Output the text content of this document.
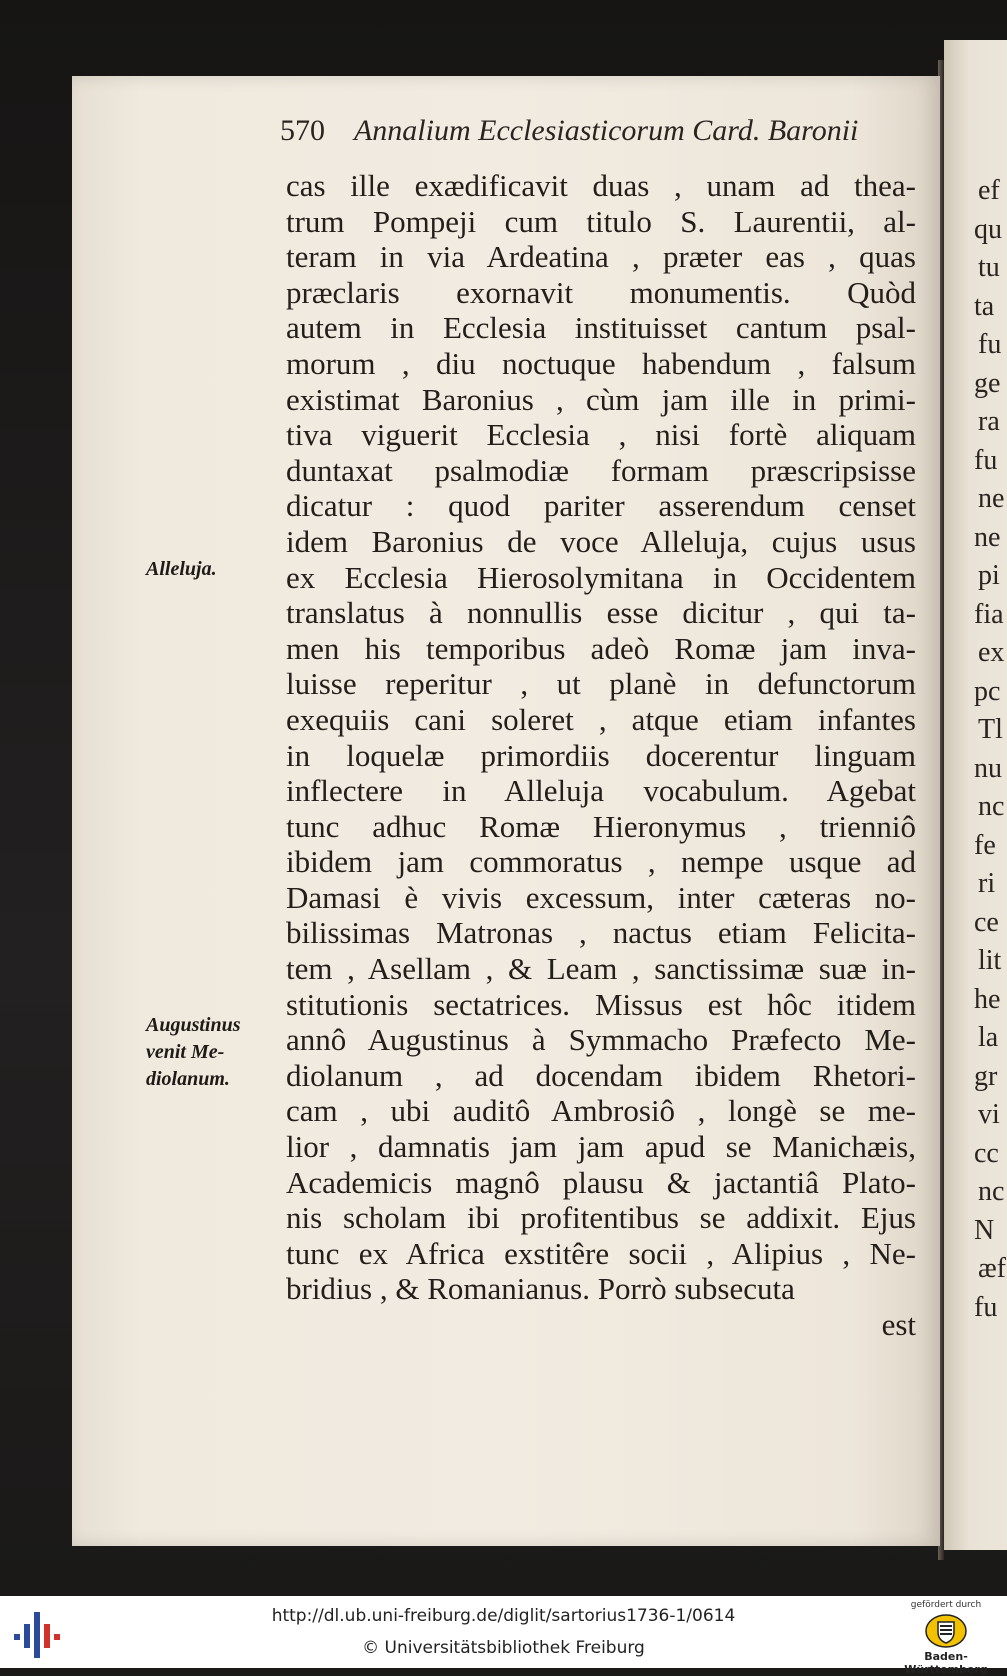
ef
qu
tu
ta
fu
ge
ra
fu
ne
ne
pi
fia
ex
pc
Tl
nu
nc
fe
ri
ce
lit
he
la
gr
vi
cc
nc
N
æf
fu
570 Annalium Ecclesiasticorum Card. Baronii
cas ille exædificavit duas , unam ad thea-
trum Pompeji cum titulo S. Laurentii, al-
teram in via Ardeatina , præter eas , quas
præclaris exornavit monumentis. Quòd
autem in Ecclesia instituisset cantum psal-
morum , diu noctuque habendum , falsum
existimat Baronius , cùm jam ille in primi-
tiva viguerit Ecclesia , nisi fortè aliquam
duntaxat psalmodiæ formam præscripsisse
dicatur : quod pariter asserendum censet
idem Baronius de voce Alleluja, cujus usus
ex Ecclesia Hierosolymitana in Occidentem
translatus à nonnullis esse dicitur , qui ta-
men his temporibus adeò Romæ jam inva-
luisse reperitur , ut planè in defunctorum
exequiis cani soleret , atque etiam infantes
in loquelæ primordiis docerentur linguam
inflectere in Alleluja vocabulum. Agebat
tunc adhuc Romæ Hieronymus , trienniô
ibidem jam commoratus , nempe usque ad
Damasi è vivis excessum, inter cæteras no-
bilissimas Matronas , nactus etiam Felicita-
tem , Asellam , & Leam , sanctissimæ suæ in-
stitutionis sectatrices. Missus est hôc itidem
annô Augustinus à Symmacho Præfecto Me-
diolanum , ad docendam ibidem Rhetori-
cam , ubi auditô Ambrosiô , longè se me-
lior , damnatis jam jam apud se Manichæis,
Academicis magnô plausu & jactantiâ Plato-
nis scholam ibi profitentibus se addixit. Ejus
tunc ex Africa exstitêre socii , Alipius , Ne-
bridius , & Romanianus. Porrò subsecuta
est
Alleluja.
Augustinus
venit Me-
diolanum.
http://dl.ub.uni-freiburg.de/diglit/sartorius1736-1/0614
© Universitätsbibliothek Freiburg
gefördert durch
Baden-Württemberg
